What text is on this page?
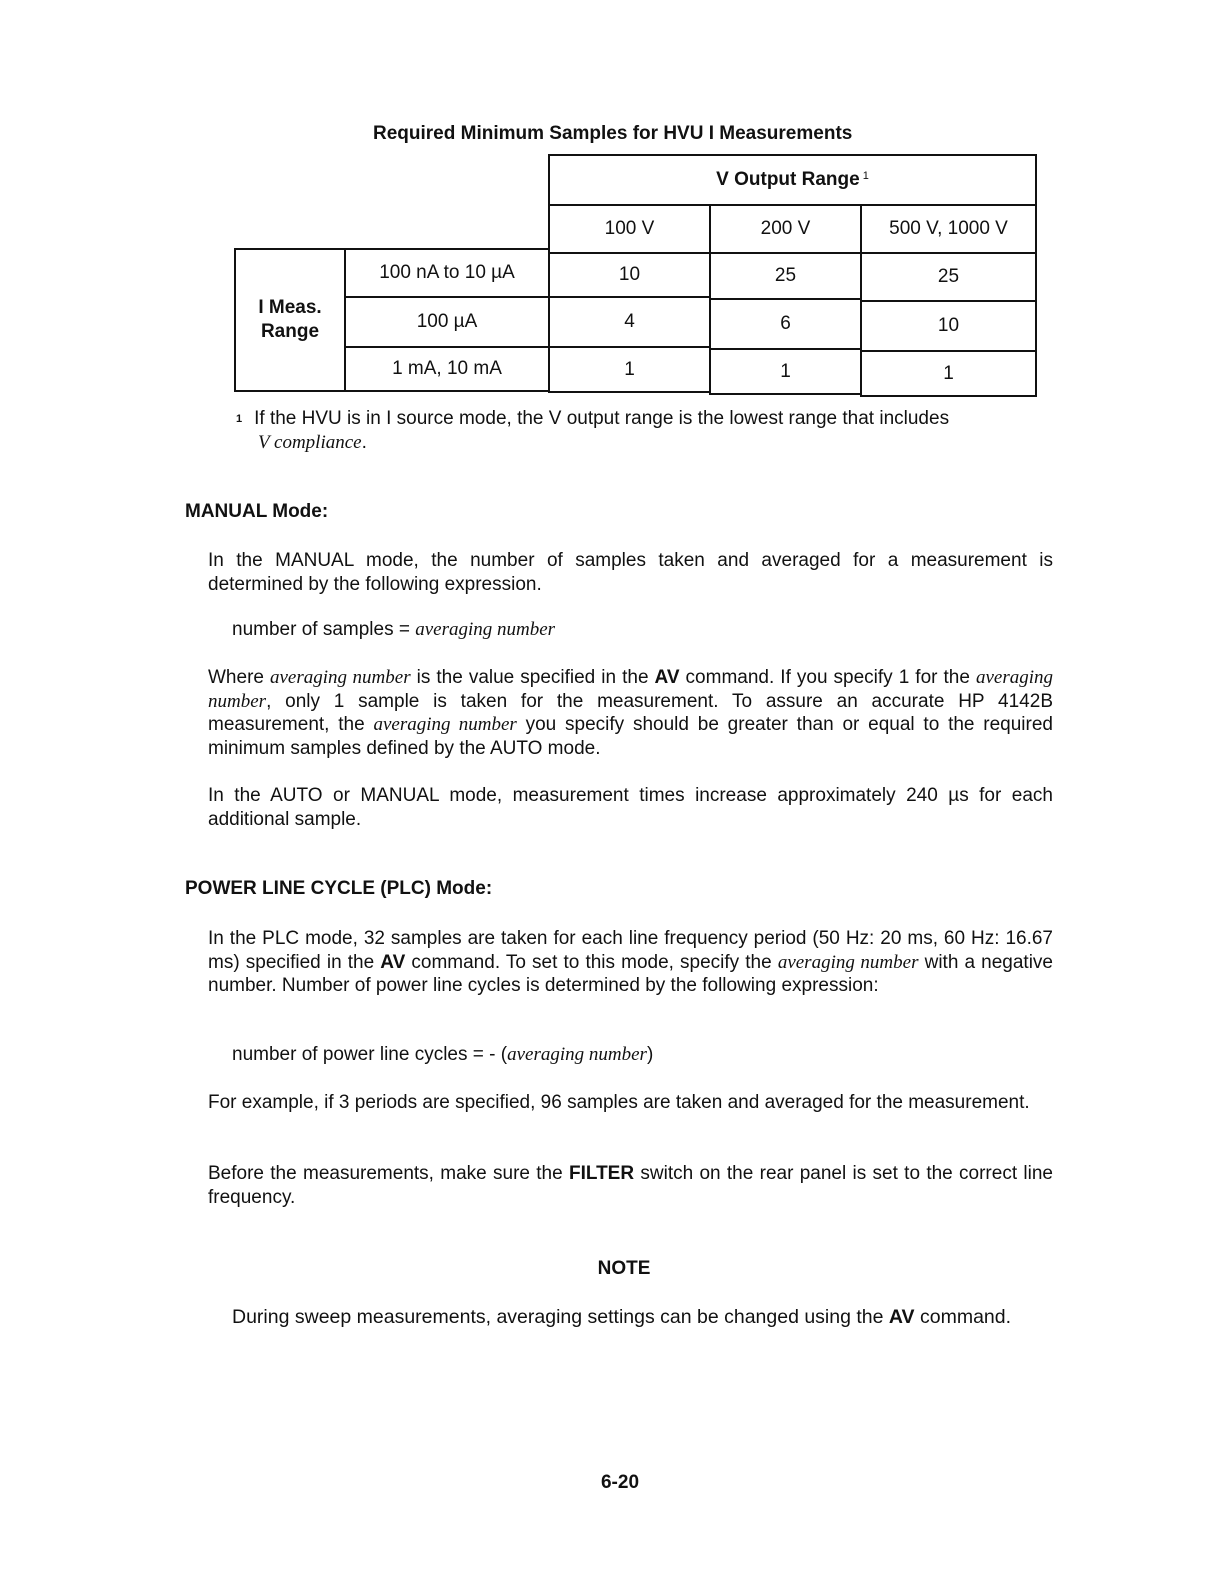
Required Minimum Samples for HVU I Measurements
V Output Range $^1$
100 V	200 V	500 V, 1000 V
I Meas.
Range
100 nA to 10 µA	10	25	25
100 µA	4	6	10
1 mA, 10 mA	1	1	1
$^1$ If the HVU is in I source mode, the V output range is the lowest range that includes
V compliance.
MANUAL Mode:

In the MANUAL mode, the number of samples taken and averaged for a measurement is determined by the following expression.

number of samples = averaging number

Where averaging number is the value specified in the AV command. If you specify 1 for the averaging number, only 1 sample is taken for the measurement. To assure an accurate HP 4142B measurement, the averaging number you specify should be greater than or equal to the required minimum samples defined by the AUTO mode.

In the AUTO or MANUAL mode, measurement times increase approximately 240 µs for each additional sample.

POWER LINE CYCLE (PLC) Mode:

In the PLC mode, 32 samples are taken for each line frequency period (50 Hz: 20 ms, 60 Hz: 16.67 ms) specified in the AV command. To set to this mode, specify the averaging number with a negative number. Number of power line cycles is determined by the following expression:

number of power line cycles = - (averaging number)

For example, if 3 periods are specified, 96 samples are taken and averaged for the measurement.

Before the measurements, make sure the FILTER switch on the rear panel is set to the correct line frequency.

NOTE

During sweep measurements, averaging settings can be changed using the AV command.

6-20
